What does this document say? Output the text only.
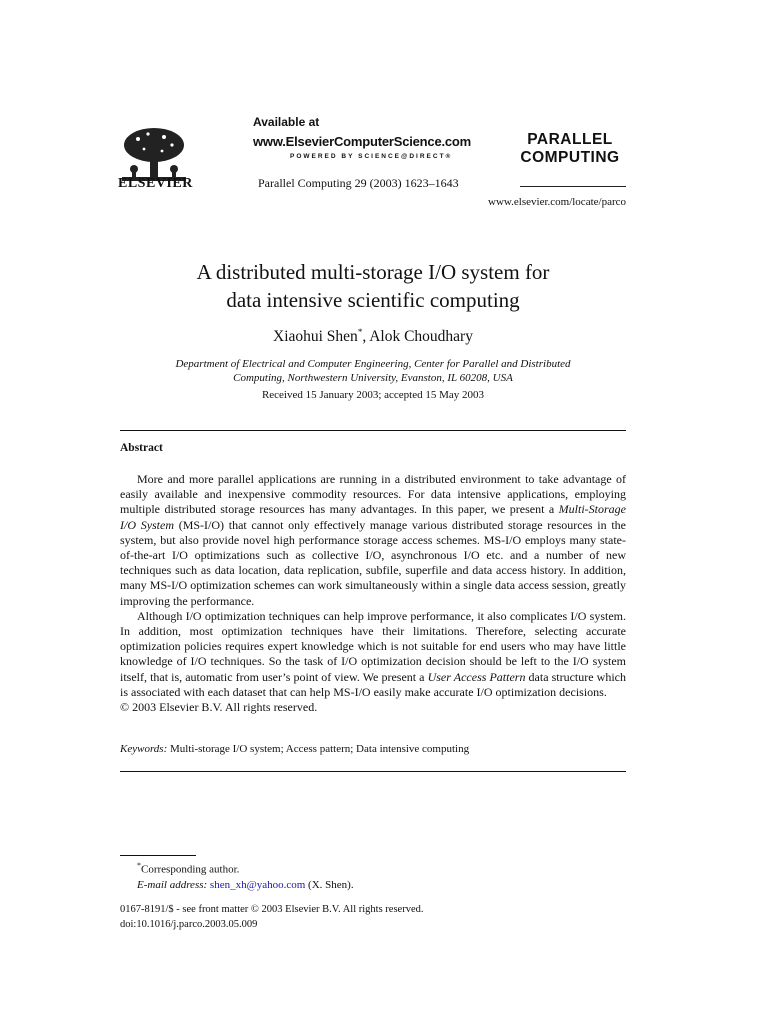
ELSEVIER
Available at
www.ElsevierComputerScience.com
POWERED BY SCIENCE@DIRECT®
Parallel Computing 29 (2003) 1623–1643
PARALLEL
COMPUTING
www.elsevier.com/locate/parco
A distributed multi-storage I/O system for
data intensive scientific computing
Xiaohui Shen*, Alok Choudhary
Department of Electrical and Computer Engineering, Center for Parallel and Distributed
Computing, Northwestern University, Evanston, IL 60208, USA
Received 15 January 2003; accepted 15 May 2003
Abstract

More and more parallel applications are running in a distributed environment to take advantage of easily available and inexpensive commodity resources. For data intensive applications, employing multiple distributed storage resources has many advantages. In this paper, we present a Multi-Storage I/O System (MS-I/O) that cannot only effectively manage various distributed storage resources in the system, but also provide novel high performance storage access schemes. MS-I/O employs many state-of-the-art I/O optimizations such as collective I/O, asynchronous I/O etc. and a number of new techniques such as data location, data replication, subfile, superfile and data access history. In addition, many MS-I/O optimization schemes can work simultaneously within a single data access session, greatly improving the performance.

Although I/O optimization techniques can help improve performance, it also complicates I/O system. In addition, most optimization techniques have their limitations. Therefore, selecting accurate optimization policies requires expert knowledge which is not suitable for end users who may have little knowledge of I/O techniques. So the task of I/O optimization decision should be left to the I/O system itself, that is, automatic from user’s point of view. We present a User Access Pattern data structure which is associated with each dataset that can help MS-I/O easily make accurate I/O optimization decisions.

© 2003 Elsevier B.V. All rights reserved.

Keywords: Multi-storage I/O system; Access pattern; Data intensive computing
*Corresponding author.
E-mail address: shen_xh@yahoo.com (X. Shen).
0167-8191/$ - see front matter © 2003 Elsevier B.V. All rights reserved.
doi:10.1016/j.parco.2003.05.009
